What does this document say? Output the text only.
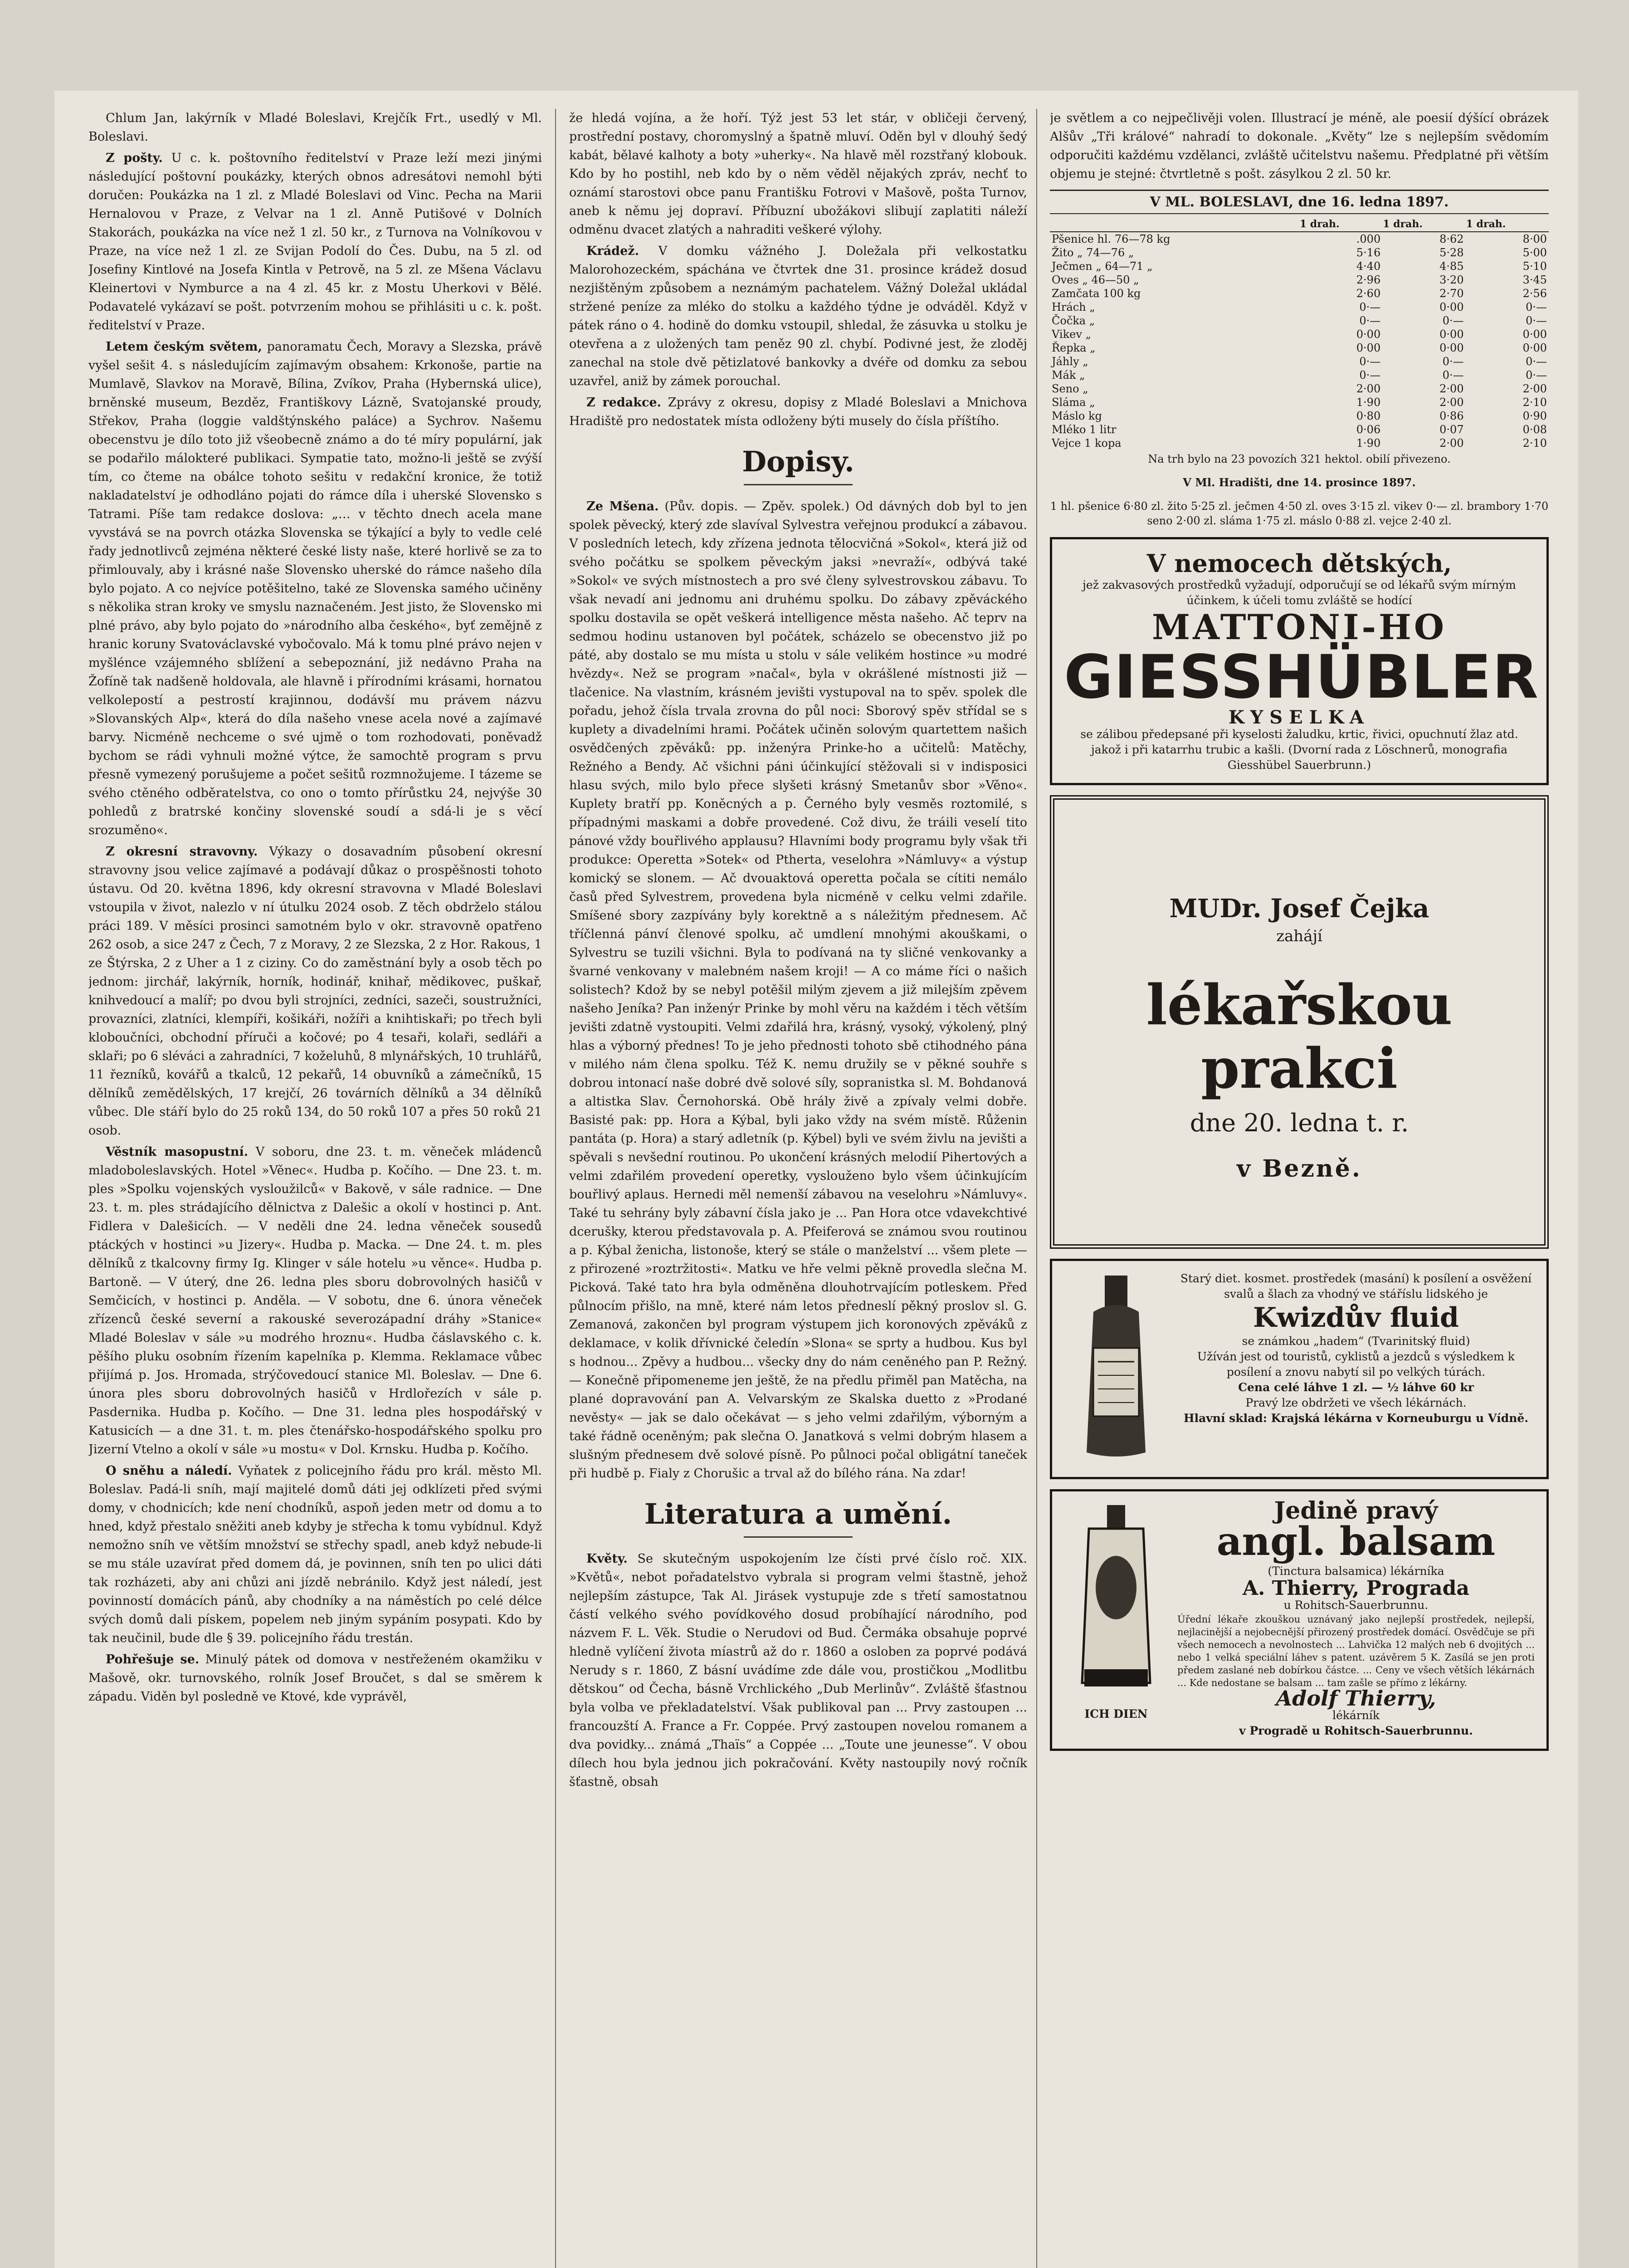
Chlum Jan, lakýrník v Mladé Boleslavi, Krejčík Frt., usedlý v Ml. Boleslavi.

Z pošty. U c. k. poštovního ředitelství v Praze leží mezi jinými následující poštovní poukázky, kterých obnos adresátovi nemohl býti doručen: Poukázka na 1 zl. z Mladé Boleslavi od Vinc. Pecha na Marii Hernalovou v Praze, z Velvar na 1 zl. Anně Putišové v Dolních Stakorách, poukázka na více než 1 zl. 50 kr., z Turnova na Volníkovou v Praze, na více než 1 zl. ze Svijan Podolí do Čes. Dubu, na 5 zl. od Josefiny Kintlové na Josefa Kintla v Petrově, na 5 zl. ze Mšena Václavu Kleinertovi v Nymburce a na 4 zl. 45 kr. z Mostu Uherkovi v Bělé. Podavatelé vykázaví se pošt. potvrzením mohou se přihlásiti u c. k. pošt. ředitelství v Praze.

Letem českým světem, panoramatu Čech, Moravy a Slezska, právě vyšel sešit 4. s následujícím zajímavým obsahem: Krkonoše, partie na Mumlavě, Slavkov na Moravě, Bílina, Zvíkov, Praha (Hybernská ulice), brněnské museum, Bezděz, Františkovy Lázně, Svatojanské proudy, Střekov, Praha (loggie valdštýnského paláce) a Sychrov. Našemu obecenstvu je dílo toto již všeobecně známo a do té míry populární, jak se podařilo málokteré publikaci. Sympatie tato, možno-li ještě se zvýší tím, co čteme na obálce tohoto sešitu v redakční kronice, že totiž nakladatelství je odhodláno pojati do rámce díla i uherské Slovensko s Tatrami. Píše tam redakce doslova: „… v těchto dnech acela mane vyvstává se na povrch otázka Slovenska se týkající a byly to vedle celé řady jednotlivců zejména některé české listy naše, které horlivě se za to přimlouvaly, aby i krásné naše Slovensko uherské do rámce našeho díla bylo pojato. A co nejvíce potěšitelno, také ze Slovenska samého učiněny s několika stran kroky ve smyslu naznačeném. Jest jisto, že Slovensko mi plné právo, aby bylo pojato do »národního alba českého«, byť zemějně z hranic koruny Svatováclavské vybočovalo. Má k tomu plné právo nejen v myšlénce vzájemného sblížení a sebepoznání, již nedávno Praha na Žofíně tak nadšeně holdovala, ale hlavně i přírodními krásami, hornatou velkolepostí a pestrostí krajinnou, dodávší mu právem názvu »Slovanských Alp«, která do díla našeho vnese acela nové a zajímavé barvy. Nicméně nechceme o své ujmě o tom rozhodovati, poněvadž bychom se rádi vyhnuli možné výtce, že samochtě program s prvu přesně vymezený porušujeme a počet sešitů rozmnožujeme. I tázeme se svého ctěného odběratelstva, co ono o tomto přírůstku 24, nejvýše 30 pohledů z bratrské končiny slovenské soudí a sdá-li je s věcí srozuměno«.

Z okresní stravovny. Výkazy o dosavadním působení okresní stravovny jsou velice zajímavé a podávají důkaz o prospěšnosti tohoto ústavu. Od 20. května 1896, kdy okresní stravovna v Mladé Boleslavi vstoupila v život, nalezlo v ní útulku 2024 osob. Z těch obdrželo stálou práci 189. V měsíci prosinci samotném bylo v okr. stravovně opatřeno 262 osob, a sice 247 z Čech, 7 z Moravy, 2 ze Slezska, 2 z Hor. Rakous, 1 ze Štýrska, 2 z Uher a 1 z ciziny. Co do zaměstnání byly a osob těch po jednom: jirchář, lakýrník, horník, hodinář, knihař, mědikovec, puškař, knihvedoucí a malíř; po dvou byli strojníci, zedníci, sazeči, soustružníci, provazníci, zlatníci, klempíři, košikáři, nožíři a knihtiskaři; po třech byli kloboučníci, obchodní příruči a kočové; po 4 tesaři, kolaři, sedláři a sklaři; po 6 sléváci a zahradníci, 7 koželuhů, 8 mlynářských, 10 truhlářů, 11 řezníků, kovářů a tkalců, 12 pekařů, 14 obuvníků a zámečníků, 15 dělníků zemědělských, 17 krejčí, 26 továrních dělníků a 34 dělníků vůbec. Dle stáří bylo do 25 roků 134, do 50 roků 107 a přes 50 roků 21 osob.

Věstník masopustní. V soboru, dne 23. t. m. věneček mládenců mladoboleslavských. Hotel »Věnec«. Hudba p. Kočího. — Dne 23. t. m. ples »Spolku vojenských vysloužilců« v Bakově, v sále radnice. — Dne 23. t. m. ples strádajícího dělnictva z Dalešic a okolí v hostinci p. Ant. Fidlera v Dalešicích. — V neděli dne 24. ledna věneček sousedů ptáckých v hostinci »u Jizery«. Hudba p. Macka. — Dne 24. t. m. ples dělníků z tkalcovny firmy Ig. Klinger v sále hotelu »u věnce«. Hudba p. Bartoně. — V úterý, dne 26. ledna ples sboru dobrovolných hasičů v Semčicích, v hostinci p. Anděla. — V sobotu, dne 6. února věneček zřízenců české severní a rakouské severozápadní dráhy »Stanice« Mladé Boleslav v sále »u modrého hroznu«. Hudba čáslavského c. k. pěšího pluku osobním řízením kapelníka p. Klemma. Reklamace vůbec přijímá p. Jos. Hromada, strýčovedoucí stanice Ml. Boleslav. — Dne 6. února ples sboru dobrovolných hasičů v Hrdlořezích v sále p. Pasdernika. Hudba p. Kočího. — Dne 31. ledna ples hospodářský v Katusicích — a dne 31. t. m. ples čtenářsko-hospodářského spolku pro Jizerní Vtelno a okolí v sále »u mostu« v Dol. Krnsku. Hudba p. Kočího.

O sněhu a náledí. Vyňatek z policejního řádu pro král. město Ml. Boleslav. Padá-li sníh, mají majitelé domů dáti jej odklízeti před svými domy, v chodnicích; kde není chodníků, aspoň jeden metr od domu a to hned, když přestalo sněžiti aneb kdyby je střecha k tomu vybídnul. Když nemožno sníh ve větším množství se střechy spadl, aneb když nebude-li se mu stále uzavírat před domem dá, je povinnen, sníh ten po ulici dáti tak rozházeti, aby ani chůzi ani jízdě nebránilo. Když jest náledí, jest povinností domácích pánů, aby chodníky a na náměstích po celé délce svých domů dali pískem, popelem neb jiným sypáním posypati. Kdo by tak neučinil, bude dle § 39. policejního řádu trestán.

Pohřešuje se. Minulý pátek od domova v nestřeženém okamžiku v Mašově, okr. turnovského, rolník Josef Broučet, s dal se směrem k západu. Viděn byl posledně ve Ktové, kde vyprávěl,

že hledá vojína, a že hoří. Týž jest 53 let stár, v obličeji červený, prostřední postavy, choromyslný a špatně mluví. Oděn byl v dlouhý šedý kabát, bělavé kalhoty a boty »uherky«. Na hlavě měl rozstřaný klobouk. Kdo by ho postihl, neb kdo by o něm věděl nějakých zpráv, nechť to oznámí starostovi obce panu Františku Fotrovi v Mašově, pošta Turnov, aneb k němu jej dopraví. Příbuzní ubožákovi slibují zaplatiti náleží odměnu dvacet zlatých a nahraditi veškeré výlohy.

Krádež. V domku vážného J. Doležala při velkostatku Malorohozeckém, spáchána ve čtvrtek dne 31. prosince krádež dosud nezjištěným způsobem a neznámým pachatelem. Vážný Doležal ukládal stržené peníze za mléko do stolku a každého týdne je odváděl. Když v pátek ráno o 4. hodině do domku vstoupil, shledal, že zásuvka u stolku je otevřena a z uložených tam peněz 90 zl. chybí. Podivné jest, že zloděj zanechal na stole dvě pětizlatové bankovky a dvéře od domku za sebou uzavřel, aniž by zámek porouchal.

Z redakce. Zprávy z okresu, dopisy z Mladé Boleslavi a Mnichova Hradiště pro nedostatek místa odloženy býti musely do čísla příštího.

Dopisy.

Ze Mšena. (Pův. dopis. — Zpěv. spolek.) Od dávných dob byl to jen spolek pěvecký, který zde slavíval Sylvestra veřejnou produkcí a zábavou. V posledních letech, kdy zřízena jednota tělocvičná »Sokol«, která již od svého počátku se spolkem pěveckým jaksi »nevraží«, odbývá také »Sokol« ve svých místnostech a pro své členy sylvestrovskou zábavu. To však nevadí ani jednomu ani druhému spolku. Do zábavy zpěváckého spolku dostavila se opět veškerá intelligence města našeho. Ač teprv na sedmou hodinu ustanoven byl počátek, scházelo se obecenstvo již po páté, aby dostalo se mu místa u stolu v sále velikém hostince »u modré hvězdy«. Než se program »načal«, byla v okrášlené místnosti již — tlačenice. Na vlastním, krásném jevišti vystupoval na to spěv. spolek dle pořadu, jehož čísla trvala zrovna do půl noci: Sborový spěv střídal se s kuplety a divadelními hrami. Počátek učiněn solovým quartettem našich osvědčených zpěváků: pp. inženýra Prinke-ho a učitelů: Matěchy, Režného a Bendy. Ač všichni páni účinkující stěžovali si v indisposici hlasu svých, milo bylo přece slyšeti krásný Smetanův sbor »Věno«. Kuplety bratří pp. Koněcných a p. Černého byly vesměs roztomilé, s případnými maskami a dobře provedené. Což divu, že tráili veselí tito pánové vždy bouřlivého applausu? Hlavními body programu byly však tři produkce: Operetta »Sotek« od Ptherta, veselohra »Námluvy« a výstup komický se slonem. — Ač dvouaktová operetta počala se cítiti nemálo časů před Sylvestrem, provedena byla nicméně v celku velmi zdařile. Smíšené sbory zazpívány byly korektně a s náležitým přednesem. Ač tříčlenná pánví členové spolku, ač umdlení mnohými akouškami, o Sylvestru se tuzili všichni. Byla to podívaná na ty sličné venkovanky a švarné venkovany v malebném našem kroji! — A co máme říci o našich solistech? Kdož by se nebyl potěšil milým zjevem a již milejším zpěvem našeho Jeníka? Pan inženýr Prinke by mohl věru na každém i těch větším jevišti zdatně vystoupiti. Velmi zdařilá hra, krásný, vysoký, výkolený, plný hlas a výborný přednes! To je jeho přednosti tohoto sbě ctihodného pána v milého nám člena spolku. Též K. nemu družily se v pěkné souhře s dobrou intonací naše dobré dvě solové síly, sopranistka sl. M. Bohdanová a altistka Slav. Černohorská. Obě hrály živě a zpívaly velmi dobře. Basisté pak: pp. Hora a Kýbal, byli jako vždy na svém místě. Růženin pantáta (p. Hora) a starý adletník (p. Kýbel) byli ve svém živlu na jevišti a spěvali s nevšední routinou. Po ukončení krásných melodií Pihertových a velmi zdařilém provedení operetky, vyslouženo bylo všem účinkujícím bouřlivý aplaus. Hernedi měl nemenší zábavou na veselohru »Námluvy«. Také tu sehrány byly zábavní čísla jako je ... Pan Hora otce vdavekchtivé dcerušky, kterou představovala p. A. Pfeiferová se známou svou routinou a p. Kýbal ženicha, listonoše, který se stále o manželství ... všem plete — z přirozené »roztržitosti«. Matku ve hře velmi pěkně provedla slečna M. Picková. Také tato hra byla odměněna dlouhotrvajícím potleskem. Před půlnocím přišlo, na mně, které nám letos předneslí pěkný proslov sl. G. Zemanová, zakončen byl program výstupem jich koronových zpěváků z deklamace, v kolik dřívnické čeledín »Slona« se sprty a hudbou. Kus byl s hodnou... Zpěvy a hudbou... všecky dny do nám ceněného pan P. Režný. — Konečně připomeneme jen ještě, že na předlu přiměl pan Matěcha, na plané dopravování pan A. Velvarským ze Skalska duetto z »Prodané nevěsty« — jak se dalo očekávat — s jeho velmi zdařilým, výborným a také řádně oceněným; pak slečna O. Janatková s velmi dobrým hlasem a slušným přednesem dvě solové písně. Po půlnoci počal obligátní taneček při hudbě p. Fialy z Chorušic a trval až do bílého rána. Na zdar!

Literatura a umění.

Květy. Se skutečným uspokojením lze čísti prvé číslo roč. XIX. »Květů«, nebot pořadatelstvo vybrala si program velmi štastně, jehož nejlepším zástupce, Tak Al. Jirásek vystupuje zde s třetí samostatnou částí velkého svého povídkového dosud probíhající národního, pod názvem F. L. Věk. Studie o Nerudovi od Bud. Čermáka obsahuje poprvé hledně vylíčení života míastrů až do r. 1860 a osloben za poprvé podává Nerudy s r. 1860, Z básní uvádíme zde dále vou, prostičkou „Modlitbu dětskou“ od Čecha, básně Vrchlického „Dub Merlinův“. Zvláště šťastnou byla volba ve překladatelství. Však publikoval pan ... Prvy zastoupen ... francouzští A. France a Fr. Coppée. Prvý zastoupen novelou romanem a dva povidky... známá „Thaïs“ a Coppée ... „Toute une jeunesse“. V obou dílech hou byla jednou jich pokračování. Květy nastoupily nový ročník šťastně, obsah

je světlem a co nejpečlivěji volen. Illustrací je méně, ale poesií dýšící obrázek Alšův „Tři králové“ nahradí to dokonale. „Květy“ lze s nejlepším svědomím odporučiti každému vzdělanci, zvláště učitelstvu našemu. Předplatné při větším objemu je stejné: čtvrtletně s pošt. zásylkou 2 zl. 50 kr.

V ML. BOLESLAVI, dne 16. ledna 1897.
	1 drah.	1 drah.	1 drah.
Pšenice hl. 76—78 kg	.000	8·62	8·00
Žito „ 74—76 „	5·16	5·28	5·00
Ječmen „ 64—71 „	4·40	4·85	5·10
Oves „ 46—50 „	2·96	3·20	3·45
Zamčata 100 kg	2·60	2·70	2·56
Hrách „	0·—	0·00	0·—
Čočka „	0·—	0·—	0·—
Vikev „	0·00	0·00	0·00
Řepka „	0·00	0·00	0·00
Jáhly „	0·—	0·—	0·—
Mák „	0·—	0·—	0·—
Seno „	2·00	2·00	2·00
Sláma „	1·90	2·00	2·10
Máslo kg	0·80	0·86	0·90
Mléko 1 litr	0·06	0·07	0·08
Vejce 1 kopa	1·90	2·00	2·10
Na trh bylo na 23 povozích 321 hektol. obilí přivezeno.
V Ml. Hradišti, dne 14. prosince 1897.
1 hl. pšenice 6·80 zl. žito 5·25 zl. ječmen 4·50 zl. oves 3·15 zl. vikev 0·— zl. brambory 1·70 seno 2·00 zl. sláma 1·75 zl. máslo 0·88 zl. vejce 2·40 zl.
V nemocech dětských,
jež zakvasových prostředků vyžadují, odporučují se od lékařů svým mírným účinkem, k účeli tomu zvláště se hodící
MATTONI-HO
GIESSHÜBLER
KYSELKA
se zálibou předepsané při kyselosti žaludku, krtic, řivici, opuchnutí žlaz atd. jakož i při katarrhu trubic a kašli. (Dvorní rada z Löschnerů, monografia Giesshübel Sauerbrunn.)
MUDr. Josef Čejka
zahájí
lékařskou prakci
dne 20. ledna t. r.
v Bezně.
Starý diet. kosmet. prostředek (masání) k posílení a osvěžení svalů a šlach za vhodný ve stáříslu lidského je
Kwizdův fluid
se známkou „hadem“ (Tvarinitský fluid)
Užíván jest od touristů, cyklistů a jezdců s výsledkem k posílení a znovu nabytí sil po velkých túrách.
Cena celé láhve 1 zl. — ½ láhve 60 kr
Pravý lze obdržeti ve všech lékárnách.
Hlavní sklad: Krajská lékárna v Korneuburgu u Vídně.
ICH DIEN
Jedině pravý
angl. balsam
(Tinctura balsamica) lékárníka
A. Thierry, Prograda
u Rohitsch-Sauerbrunnu.
Úřední lékaře zkouškou uznávaný jako nejlepší prostředek, nejlepší, nejlacinější a nejobecnější přirozený prostředek domácí. Osvědčuje se při všech nemocech a nevolnostech ... Lahvička 12 malých neb 6 dvojitých ... nebo 1 velká speciální láhev s patent. uzávěrem 5 K. Zasílá se jen proti předem zaslané neb dobírkou částce. ... Ceny ve všech větších lékárnách ... Kde nedostane se balsam ... tam zašle se přímo z lékárny.
Adolf Thierry,
lékárník
v Progradě u Rohitsch-Sauerbrunnu.
